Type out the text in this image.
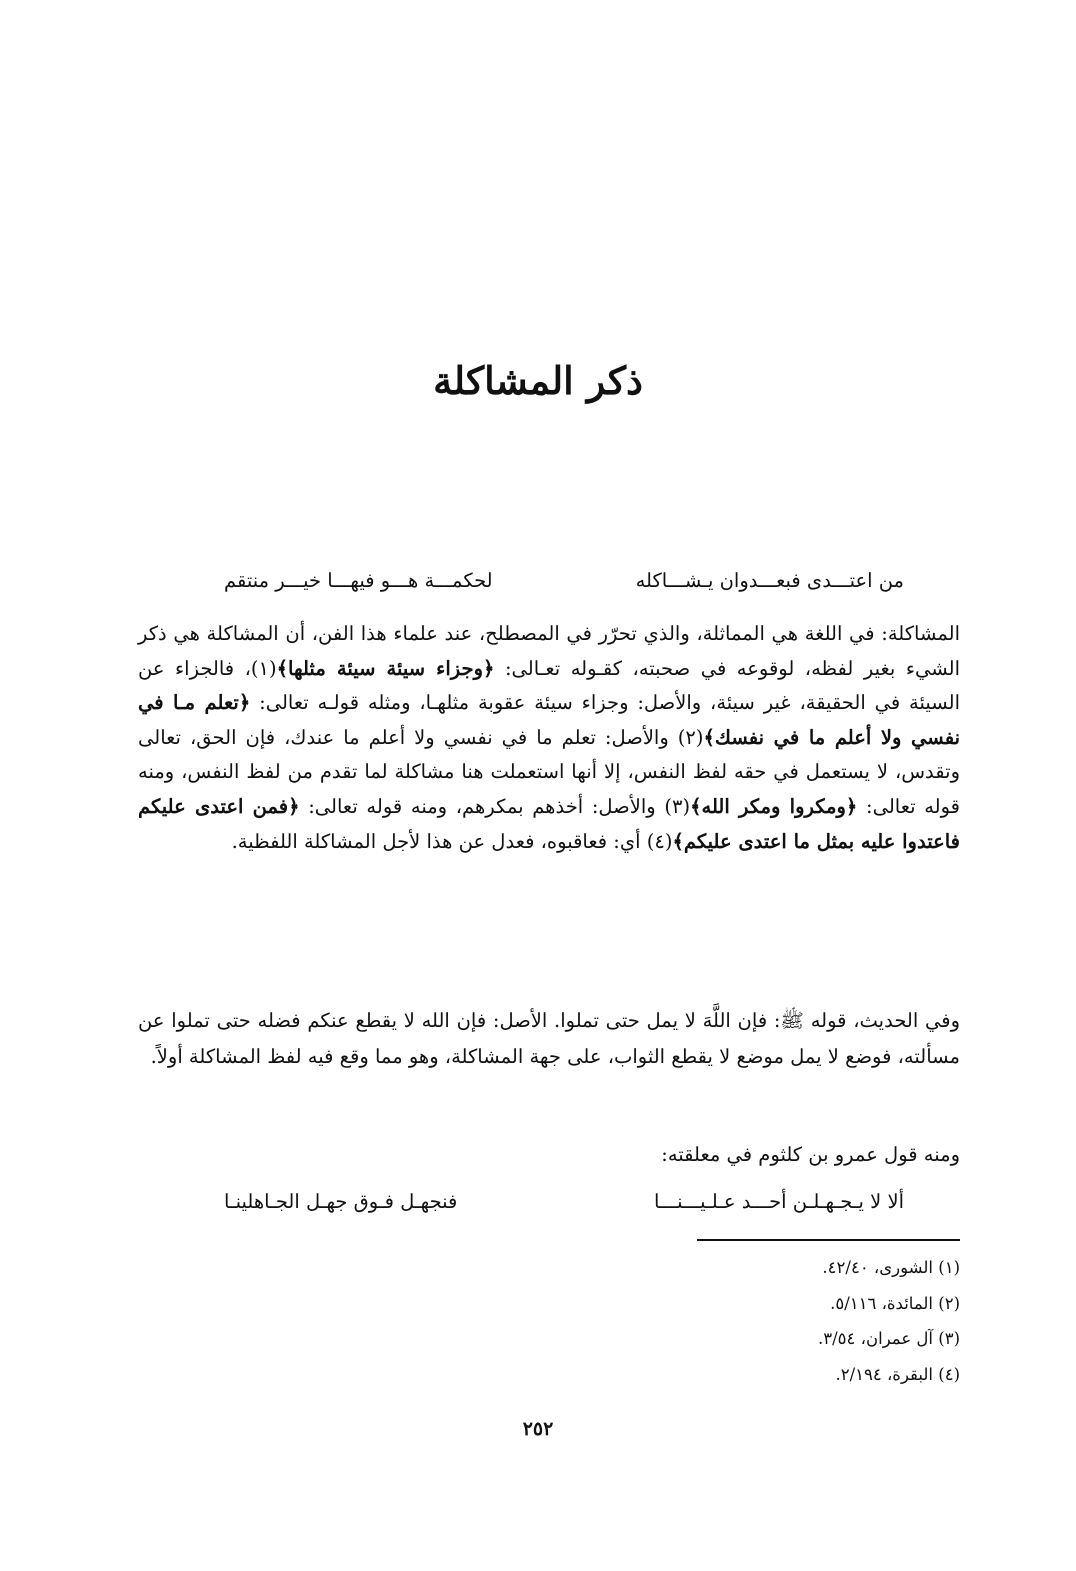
ذكر المشاكلة
من اعتـــدى فبعـــدوان يـشـــاكله
لحكمـــة هـــو فيهـــا خيـــر منتقم
المشاكلة: في اللغة هي المماثلة، والذي تحرّر في المصطلح، عند علماء هذا الفن، أن المشاكلة هي ذكر الشيء بغير لفظه، لوقوعه في صحبته، كقـوله تعـالى: ﴿وجزاء سيئة سيئة مثلها﴾(١)، فالجزاء عن السيئة في الحقيقة، غير سيئة، والأصل: وجزاء سيئة عقوبة مثلهـا، ومثله قولـه تعالى: ﴿تعلم مـا في نفسي ولا أعلم ما في نفسك﴾(٢) والأصل: تعلم ما في نفسي ولا أعلم ما عندك، فإن الحق، تعالى وتقدس، لا يستعمل في حقه لفظ النفس، إلا أنها استعملت هنا مشاكلة لما تقدم من لفظ النفس، ومنه قوله تعالى: ﴿ومكروا ومكر الله﴾(٣) والأصل: أخذهم بمكرهم، ومنه قوله تعالى: ﴿فمن اعتدى عليكم فاعتدوا عليه بمثل ما اعتدى عليكم﴾(٤) أي: فعاقبوه، فعدل عن هذا لأجل المشاكلة اللفظية.
وفي الحديث، قوله ﷺ: فإن اللَّهَ لا يمل حتى تملوا. الأصل: فإن الله لا يقطع عنكم فضله حتى تملوا عن مسألته، فوضع لا يمل موضع لا يقطع الثواب، على جهة المشاكلة، وهو مما وقع فيه لفظ المشاكلة أولاً.
ومنه قول عمرو بن كلثوم في معلقته:
ألا لا يـجـهـلـن أحـــد عـلـيـــنـــا
فنجهـل فـوق جهـل الجـاهلينـا
(١) الشورى، ٤٢/٤٠.
(٢) المائدة، ٥/١١٦.
(٣) آل عمران، ٣/٥٤.
(٤) البقرة، ٢/١٩٤.
٢٥٢
